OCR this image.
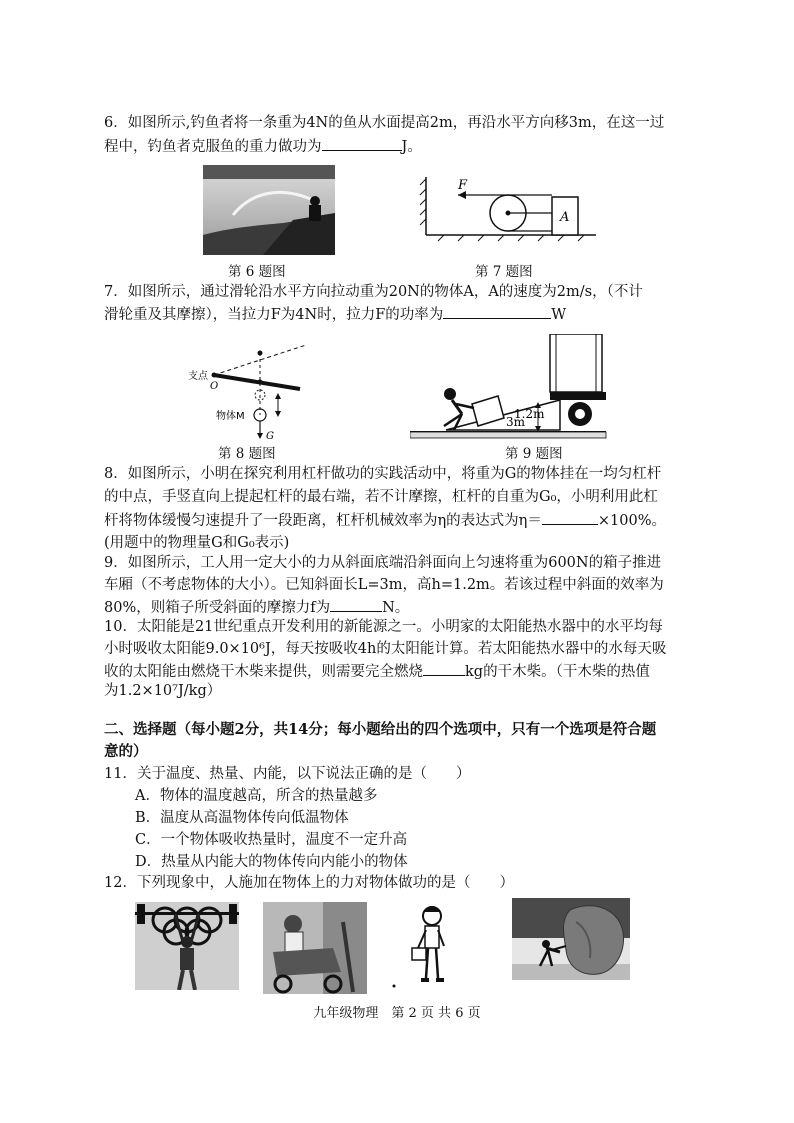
6．如图所示,钓鱼者将一条重为4N的鱼从水面提高2m，再沿水平方向移3m，在这一过
程中，钓鱼者克服鱼的重力做功为	J。
第 6 题图
F
A
第 7 题图
7．如图所示，通过滑轮沿水平方向拉动重为20N的物体A，A的速度为2m/s，（不计
滑轮重及其摩擦），当拉力F为4N时，拉力F的功率为	W
支点
O
物体M
G
第 8 题图
1.2m
3m
第 9 题图
8．如图所示，小明在探究利用杠杆做功的实践活动中，将重为G的物体挂在一均匀杠杆
的中点，手竖直向上提起杠杆的最右端，若不计摩擦，杠杆的自重为G₀，小明利用此杠
杆将物体缓慢匀速提升了一段距离，杠杆机械效率为η的表达式为η＝	×100%。
(用题中的物理量G和G₀表示)
9．如图所示，工人用一定大小的力从斜面底端沿斜面向上匀速将重为600N的箱子推进
车厢（不考虑物体的大小）。已知斜面长L=3m，高h=1.2m。若该过程中斜面的效率为
80%，则箱子所受斜面的摩擦力f为	N。
10．太阳能是21世纪重点开发利用的新能源之一。小明家的太阳能热水器中的水平均每
小时吸收太阳能9.0×10⁶J，每天按吸收4h的太阳能计算。若太阳能热水器中的水每天吸
收的太阳能由燃烧干木柴来提供，则需要完全燃烧	kg的干木柴。（干木柴的热值
为1.2×10⁷J/kg）
二、选择题（每小题2分，共14分；每小题给出的四个选项中，只有一个选项是符合题
意的）
11．关于温度、热量、内能，以下说法正确的是（　　）
A．物体的温度越高，所含的热量越多
B．温度从高温物体传向低温物体
C．一个物体吸收热量时，温度不一定升高
D．热量从内能大的物体传向内能小的物体
12．下列现象中，人施加在物体上的力对物体做功的是（　　）
九年级物理　第 2 页 共 6 页
